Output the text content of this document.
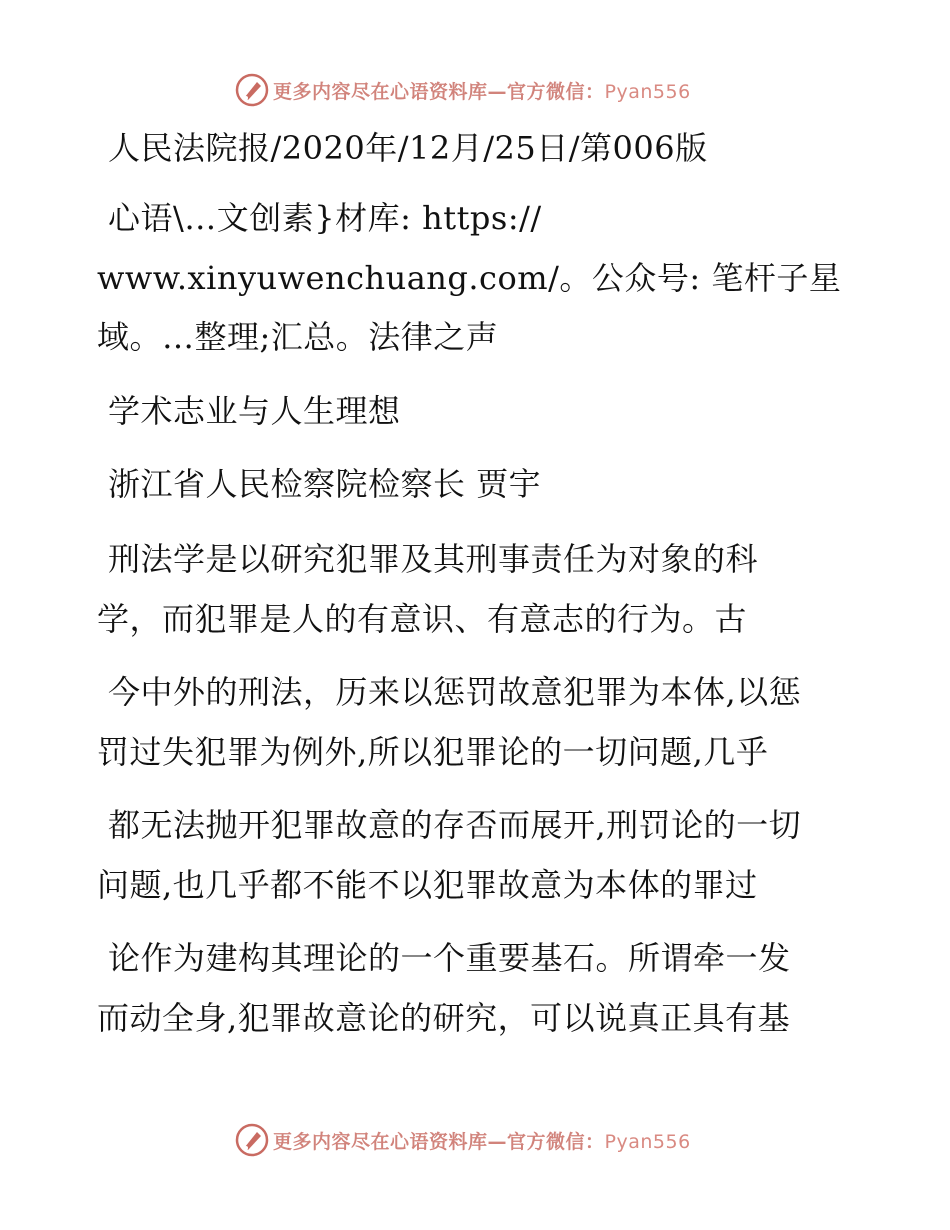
更多内容尽在心语资料库—官方微信：Pyan556
人民法院报/2020年/12月/25日/第006版
心语\…文创素}材库: https://
www.xinyuwenchuang.com/。公众号: 笔杆子星
域。…整理;汇总。法律之声
学术志业与人生理想
浙江省人民检察院检察长 贾宇
刑法学是以研究犯罪及其刑事责任为对象的科
学，而犯罪是人的有意识、有意志的行为。古
今中外的刑法，历来以惩罚故意犯罪为本体,以惩
罚过失犯罪为例外,所以犯罪论的一切问题,几乎
都无法抛开犯罪故意的存否而展开,刑罚论的一切
问题,也几乎都不能不以犯罪故意为本体的罪过
论作为建构其理论的一个重要基石。所谓牵一发
而动全身,犯罪故意论的研究，可以说真正具有基
更多内容尽在心语资料库—官方微信：Pyan556
